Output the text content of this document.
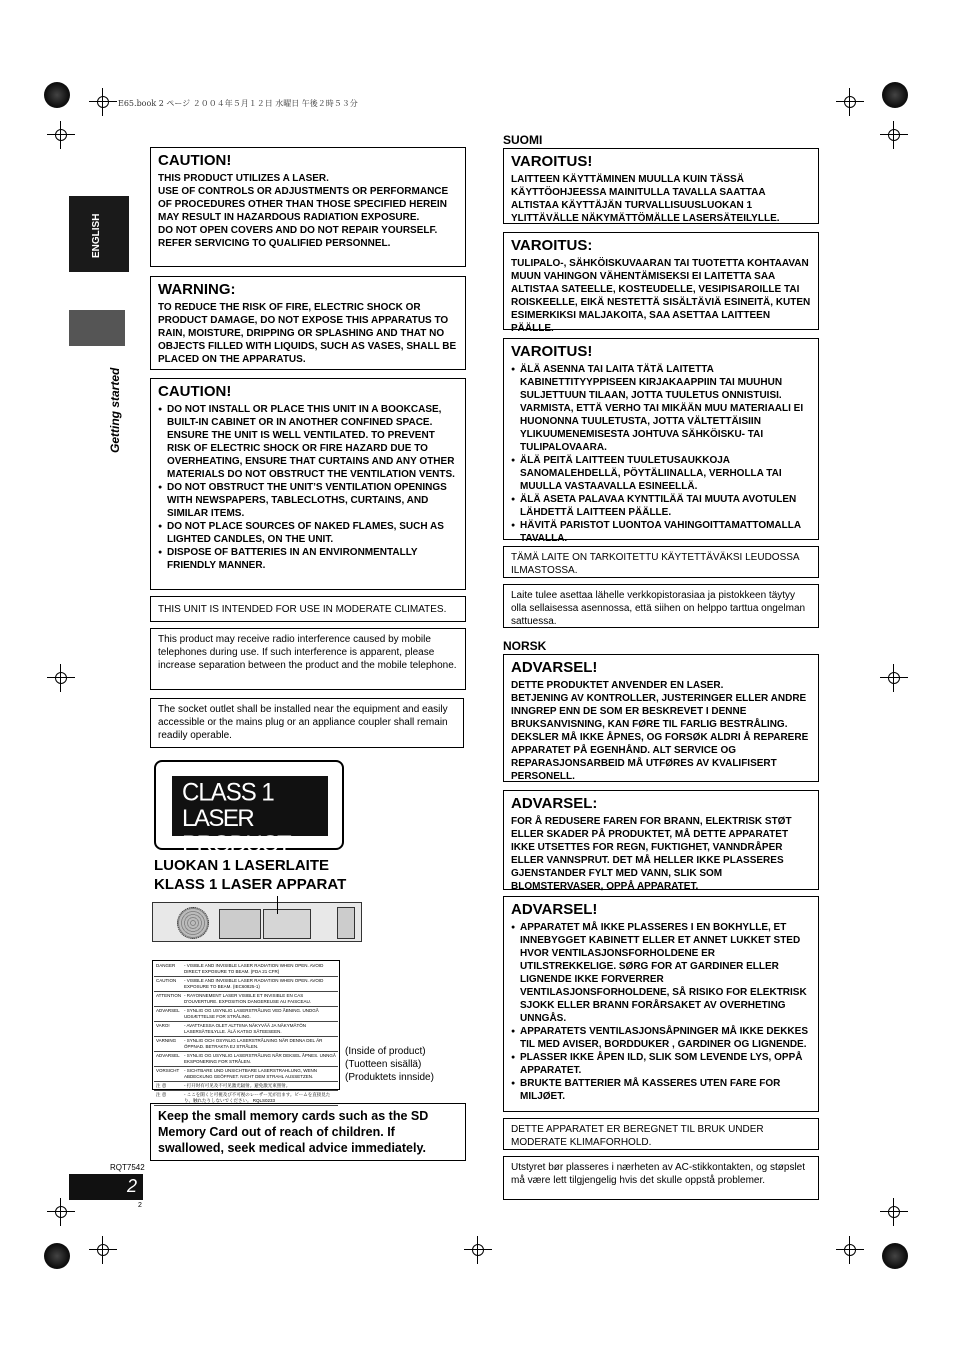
E65.book 2 ページ ２００４年５月１２日 水曜日 午後２時５３分
ENGLISH
Getting started
CAUTION!
THIS PRODUCT UTILIZES A LASER.
USE OF CONTROLS OR ADJUSTMENTS OR PERFORMANCE OF PROCEDURES OTHER THAN THOSE SPECIFIED HEREIN MAY RESULT IN HAZARDOUS RADIATION EXPOSURE.
DO NOT OPEN COVERS AND DO NOT REPAIR YOURSELF.
REFER SERVICING TO QUALIFIED PERSONNEL.
WARNING:
TO REDUCE THE RISK OF FIRE, ELECTRIC SHOCK OR PRODUCT DAMAGE, DO NOT EXPOSE THIS APPARATUS TO RAIN, MOISTURE, DRIPPING OR SPLASHING AND THAT NO OBJECTS FILLED WITH LIQUIDS, SUCH AS VASES, SHALL BE PLACED ON THE APPARATUS.
CAUTION!
● DO NOT INSTALL OR PLACE THIS UNIT IN A BOOKCASE, BUILT-IN CABINET OR IN ANOTHER CONFINED SPACE. ENSURE THE UNIT IS WELL VENTILATED. TO PREVENT RISK OF ELECTRIC SHOCK OR FIRE HAZARD DUE TO OVERHEATING, ENSURE THAT CURTAINS AND ANY OTHER MATERIALS DO NOT OBSTRUCT THE VENTILATION VENTS.
● DO NOT OBSTRUCT THE UNIT’S VENTILATION OPENINGS WITH NEWSPAPERS, TABLECLOTHS, CURTAINS, AND SIMILAR ITEMS.
● DO NOT PLACE SOURCES OF NAKED FLAMES, SUCH AS LIGHTED CANDLES, ON THE UNIT.
● DISPOSE OF BATTERIES IN AN ENVIRONMENTALLY FRIENDLY MANNER.
THIS UNIT IS INTENDED FOR USE IN MODERATE CLIMATES.
This product may receive radio interference caused by mobile telephones during use. If such interference is apparent, please increase separation between the product and the mobile telephone.
The socket outlet shall be installed near the equipment and easily accessible or the mains plug or an appliance coupler shall remain readily operable.
CLASS 1
LASER PRODUCT
LUOKAN 1 LASERLAITE
KLASS 1 LASER APPARAT
DANGER	- VISIBLE AND INVISIBLE LASER RADIATION WHEN OPEN. AVOID DIRECT EXPOSURE TO BEAM. (FDA 21 CFR)
CAUTION	- VISIBLE AND INVISIBLE LASER RADIATION WHEN OPEN. AVOID EXPOSURE TO BEAM. (IEC60825-1)
ATTENTION - RAYONNEMENT LASER VISIBLE ET INVISIBLE EN CAS D'OUVERTURE. EXPOSITION DANGEREUSE AU FAISCEAU.
ADVARSEL - SYNLIG OG USYNLIG LASERSTRÅLING VED ÅBNING. UNDGÅ UDSÆTTELSE FOR STRÅLING.
VARO!	- AVATTAESSA OLET ALTTIINA NÄKYVÄÄ JA NÄKYMÄTÖN LASERSÄTEILYLLE. ÄLÄ KATSO SÄTEESEEN.
VARNING	- SYNLIG OCH OSYNLIG LASERSTRÅLNING NÄR DENNA DEL ÄR ÖPPNAD. BETRAKTA EJ STRÅLEN.
ADVARSEL - SYNLIG OG USYNLIG LASERSTRÅLING NÅR DEKSEL ÅPNES. UNNGÅ EKSPONERING FOR STRÅLEN.
VORSICHT	- SICHTBARE UND UNSICHTBARE LASERSTRAHLUNG, WENN ABDECKUNG GEÖFFNET. NICHT DEM STRAHL AUSSETZEN.
注 意	- 打开时有可见及不可见激光辐射。避免激光束照射。
注 意	- ここを開くと可視及び不可視のレーザー光が出ます。ビームを直接見たり、触れたりしないでください。 RQLS0233
(Inside of product)
(Tuotteen sisällä)
(Produktets innside)
Keep the small memory cards such as the SD Memory Card out of reach of children. If swallowed, seek medical advice immediately.
RQT7542
2
2
SUOMI
VAROITUS!
LAITTEEN KÄYTTÄMINEN MUULLA KUIN TÄSSÄ KÄYTTÖOHJEESSA MAINITULLA TAVALLA SAATTAA ALTISTAA KÄYTTÄJÄN TURVALLISUUSLUOKAN 1 YLITTÄVÄLLE NÄKYMÄTTÖMÄLLE LASERSÄTEILYLLE.
VAROITUS:
TULIPALO-, SÄHKÖISKUVAARAN TAI TUOTETTA KOHTAAVAN MUUN VAHINGON VÄHENTÄMISEKSI EI LAITETTA SAA ALTISTAA SATEELLE, KOSTEUDELLE, VESIPISAROILLE TAI ROISKEELLE, EIKÄ NESTETTÄ SISÄLTÄVIÄ ESINEITÄ, KUTEN ESIMERKIKSI MALJAKOITA, SAA ASETTAA LAITTEEN PÄÄLLE.
VAROITUS!
● ÄLÄ ASENNA TAI LAITA TÄTÄ LAITETTA KABINETTITYYPPISEEN KIRJAKAAPPIIN TAI MUUHUN SULJETTUUN TILAAN, JOTTA TUULETUS ONNISTUISI. VARMISTA, ETTÄ VERHO TAI MIKÄÄN MUU MATERIAALI EI HUONONNA TUULETUSTA, JOTTA VÄLTETTÄISIIN YLIKUUMENEMISESTA JOHTUVA SÄHKÖISKU- TAI TULIPALOVAARA.
● ÄLÄ PEITÄ LAITTEEN TUULETUSAUKKOJA SANOMALEHDELLÄ, PÖYTÄLIINALLA, VERHOLLA TAI MUULLA VASTAAVALLA ESINEELLÄ.
● ÄLÄ ASETA PALAVAA KYNTTILÄÄ TAI MUUTA AVOTULEN LÄHDETTÄ LAITTEEN PÄÄLLE.
● HÄVITÄ PARISTOT LUONTOA VAHINGOITTAMATTOMALLA TAVALLA.
TÄMÄ LAITE ON TARKOITETTU KÄYTETTÄVÄKSI LEUDOSSA ILMASTOSSA.
Laite tulee asettaa lähelle verkkopistorasiaa ja pistokkeen täytyy olla sellaisessa asennossa, että siihen on helppo tarttua ongelman sattuessa.
NORSK
ADVARSEL!
DETTE PRODUKTET ANVENDER EN LASER.
BETJENING AV KONTROLLER, JUSTERINGER ELLER ANDRE INNGREP ENN DE SOM ER BESKREVET I DENNE BRUKSANVISNING, KAN FØRE TIL FARLIG BESTRÅLING.
DEKSLER MÅ IKKE ÅPNES, OG FORSØK ALDRI Å REPARERE APPARATET PÅ EGENHÅND. ALT SERVICE OG REPARASJONSARBEID MÅ UTFØRES AV KVALIFISERT PERSONELL.
ADVARSEL:
FOR Å REDUSERE FAREN FOR BRANN, ELEKTRISK STØT ELLER SKADER PÅ PRODUKTET, MÅ DETTE APPARATET IKKE UTSETTES FOR REGN, FUKTIGHET, VANNDRÅPER ELLER VANNSPRUT. DET MÅ HELLER IKKE PLASSERES GJENSTANDER FYLT MED VANN, SLIK SOM BLOMSTERVASER, OPPÅ APPARATET.
ADVARSEL!
● APPARATET MÅ IKKE PLASSERES I EN BOKHYLLE, ET INNEBYGGET KABINETT ELLER ET ANNET LUKKET STED HVOR VENTILASJONSFORHOLDENE ER UTILSTREKKELIGE. SØRG FOR AT GARDINER ELLER LIGNENDE IKKE FORVERRER VENTILASJONSFORHOLDENE, SÅ RISIKO FOR ELEKTRISK SJOKK ELLER BRANN FORÅRSAKET AV OVERHETING UNNGÅS.
● APPARATETS VENTILASJONSÅPNINGER MÅ IKKE DEKKES TIL MED AVISER, BORDDUKER , GARDINER OG LIGNENDE.
● PLASSER IKKE ÅPEN ILD, SLIK SOM LEVENDE LYS, OPPÅ APPARATET.
● BRUKTE BATTERIER MÅ KASSERES UTEN FARE FOR MILJØET.
DETTE APPARATET ER BEREGNET TIL BRUK UNDER MODERATE KLIMAFORHOLD.
Utstyret bør plasseres i nærheten av AC-stikkontakten, og støpslet må være lett tilgjengelig hvis det skulle oppstå problemer.
